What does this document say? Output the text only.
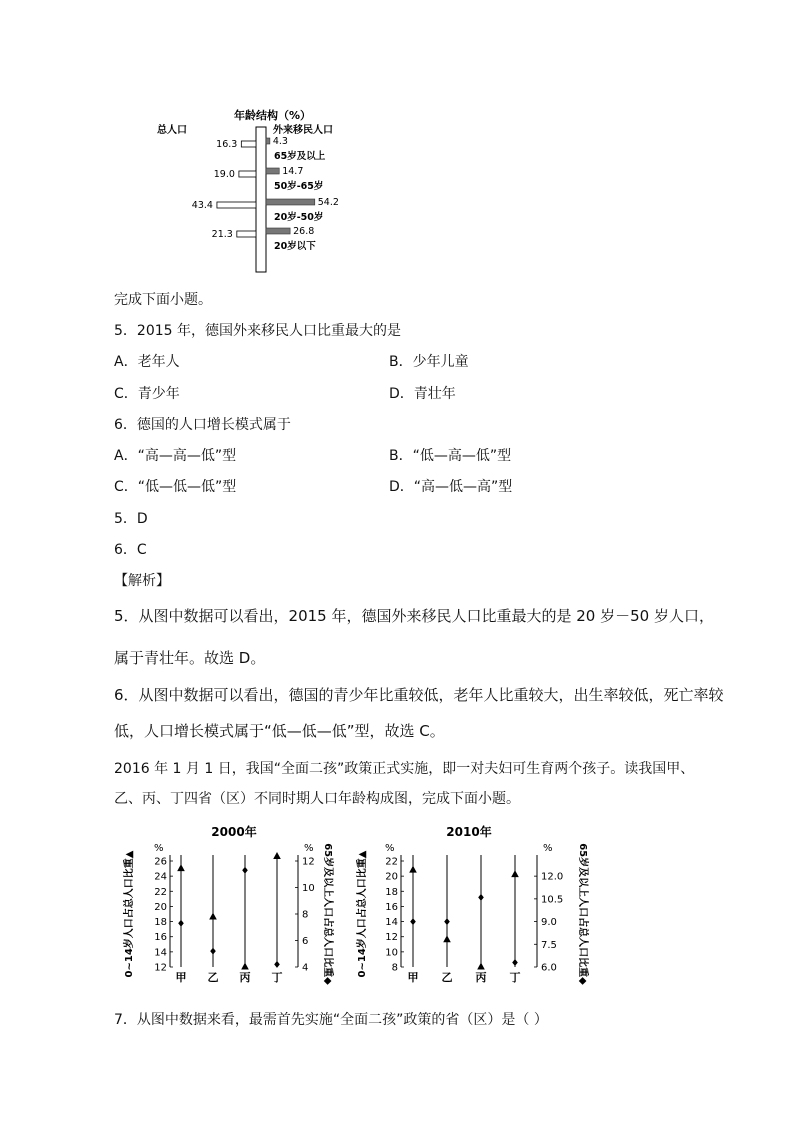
年龄结构（%）
总人口	外来移民人口
16.3	4.3
65岁及以上
19.0	14.7
50岁-65岁
43.4	54.2
20岁-50岁
21.3	26.8
20岁以下
完成下面小题。
5．2015 年，德国外来移民人口比重最大的是
A．老年人	B．少年儿童
C．青少年	D．青壮年
6．德国的人口增长模式属于
A．“高—高—低”型	B．“低—高—低”型
C．“低—低—低”型	D．“高—低—高”型
5．D
6．C
【解析】
5．从图中数据可以看出，2015 年，德国外来移民人口比重最大的是 20 岁－50 岁人口，
属于青壮年。故选 D。
6．从图中数据可以看出，德国的青少年比重较低，老年人比重较大，出生率较低，死亡率较
低，人口增长模式属于“低—低—低”型，故选 C。
2016 年 1 月 1 日，我国“全面二孩”政策正式实施，即一对夫妇可生育两个孩子。读我国甲、
乙、丙、丁四省（区）不同时期人口年龄构成图，完成下面小题。
2000年
0~14岁人口占总人口比重▲	65岁及以上人口占总人口比重◆
%	%
12
14
16
18
20
22
24
26
4
6
8
10
12
甲 乙 丙 丁
2010年
0~14岁人口占总人口比重▲	65岁及以上人口占总人口比重◆
%	%
8
10
12
14
16
18
20
22
6.0
7.5
9.0
10.5
12.0
甲 乙 丙 丁
7．从图中数据来看，最需首先实施“全面二孩”政策的省（区）是（ ）
